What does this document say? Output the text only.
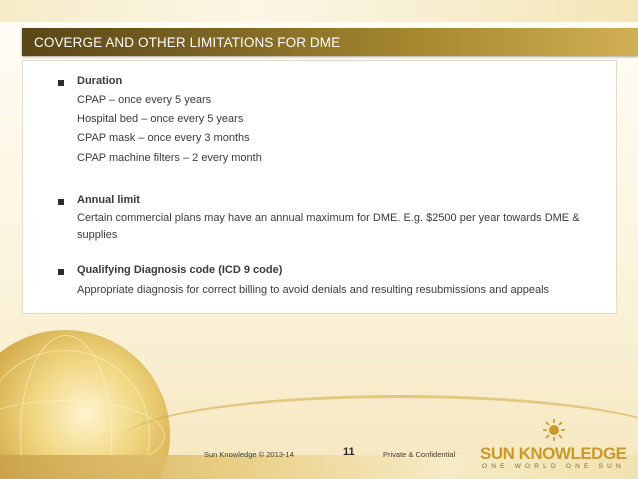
COVERGE AND OTHER LIMITATIONS FOR DME
Duration
CPAP – once every 5 years
Hospital bed – once every 5 years
CPAP mask – once every 3 months
CPAP machine filters – 2 every month
Annual limit
Certain commercial plans may have an annual maximum for DME. E.g. $2500 per year towards DME & supplies
Qualifying Diagnosis code (ICD 9 code)
Appropriate diagnosis for correct billing to avoid denials and resulting resubmissions and appeals
Sun Knowledge © 2013-14	11	Private & Confidential SUN KNOWLEDGE
ONE WORLD ONE SUN
